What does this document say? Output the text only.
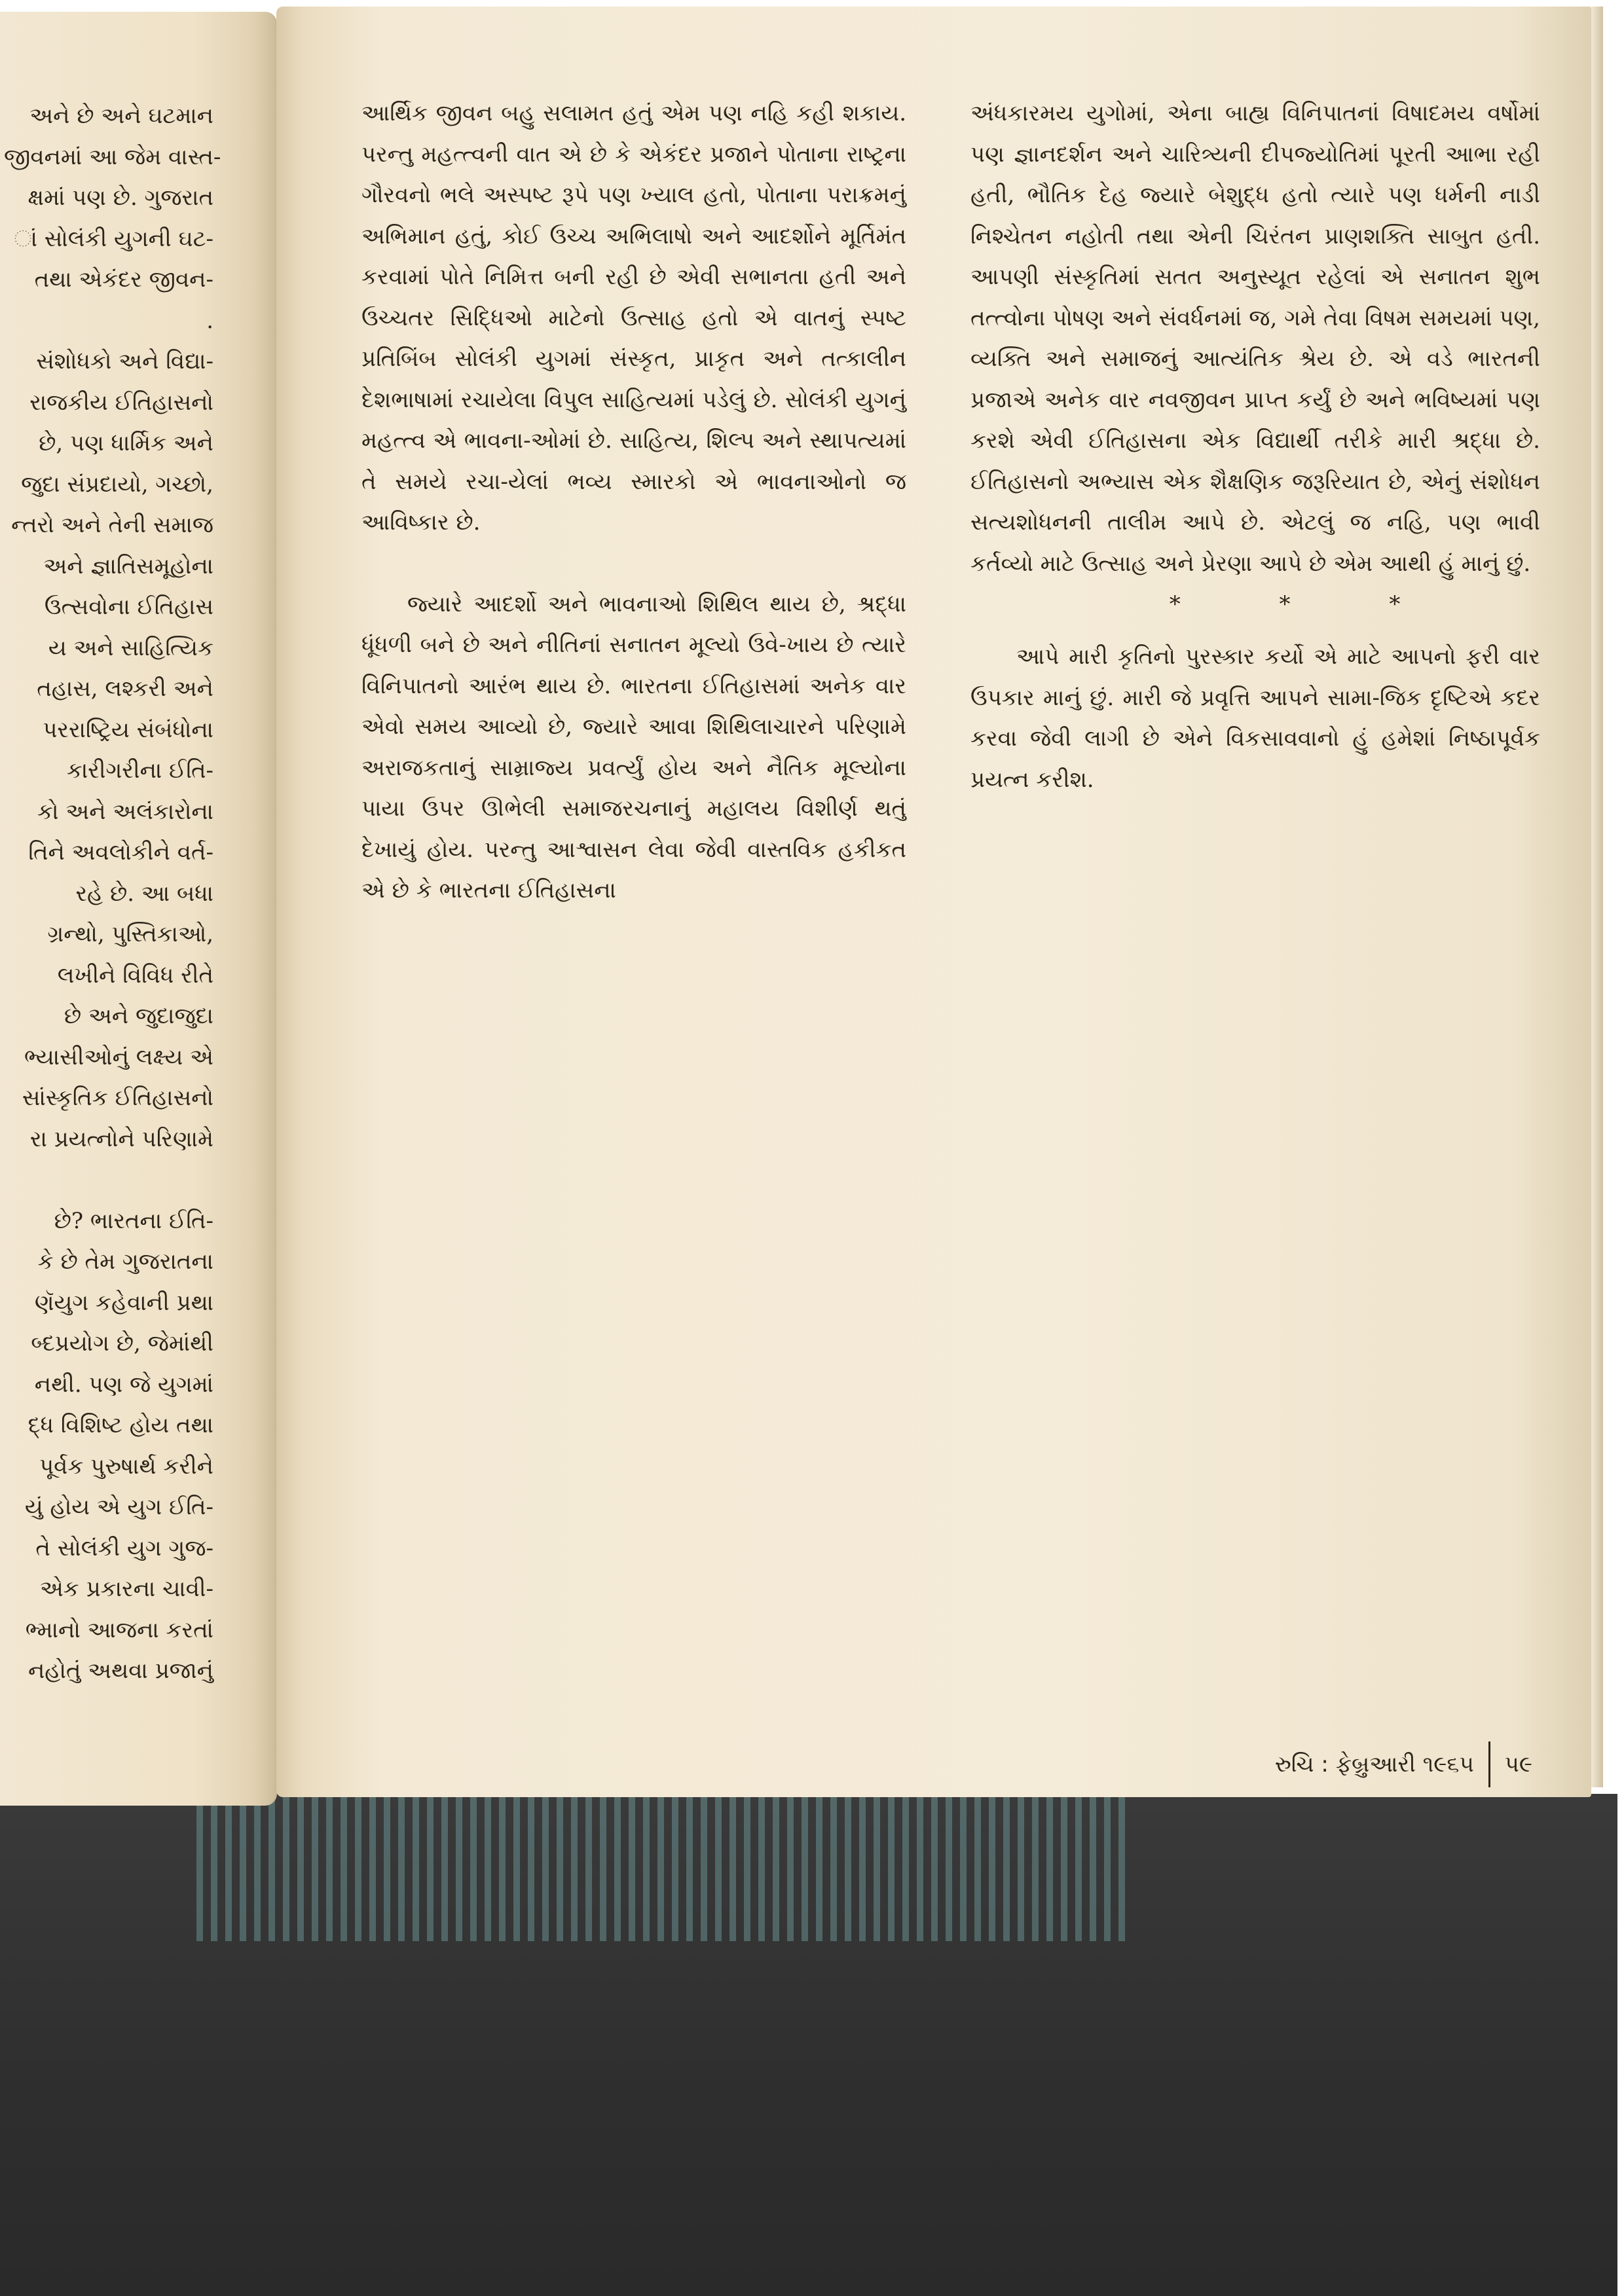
અને છે અને ઘટમાન
જીવનમાં આ જેમ વાસ્ત-
ક્ષમાં પણ છે. ગુજરાત
ાં સોલંકી યુગની ઘટ-
તથા એકંદર જીવન-
.
સંશોધકો અને વિદ્યા-
રાજકીય ઈતિહાસનો
છે, પણ ધાર્મિક અને
જુદા સંપ્રદાયો, ગચ્છો,
ન્તરો અને તેની સમાજ
અને જ્ઞાતિસમૂહોના
ઉત્સવોના ઈતિહાસ
ય અને સાહિત્યિક
તહાસ, લશ્કરી અને
પરરાષ્ટ્રિય સંબંધોના
કારીગરીના ઈતિ-
કો અને અલંકારોના
તિને અવલોકીને વર્ત-
રહે છે. આ બધા
ગ્રન્થો, પુસ્તિકાઓ,
લખીને વિવિધ રીતે
છે અને જુદાજુદા
ભ્યાસીઓનું લક્ષ્ય એ
સાંસ્કૃતિક ઈતિહાસનો
રા પ્રયત્નોને પરિણામે

છે? ભારતના ઈતિ-
કે છે તેમ ગુજરાતના
ણૅયુગ કહેવાની પ્રથા
બ્દપ્રયોગ છે, જેમાંથી
નથી. પણ જે યુગમાં
દ્ધ વિશિષ્ટ હોય તથા
પૂર્વક પુરુષાર્થ કરીને
યું હોય એ યુગ ઈતિ-
તે સોલંકી યુગ ગુજ-
એક પ્રકારના ચાવી-
ભ્માનો આજના કરતાં
નહોતું અથવા પ્રજાનું

આર્થિક જીવન બહુ સલામત હતું એમ પણ નહિ કહી શકાય. પરન્તુ મહત્ત્વની વાત એ છે કે એકંદર પ્રજાને પોતાના રાષ્ટ્રના ગૌરવનો ભલે અસ્પષ્ટ રૂપે પણ ખ્યાલ હતો, પોતાના પરાક્રમનું અભિમાન હતું, કોઈ ઉચ્ચ અભિલાષો અને આદર્શોને મૂર્તિમંત કરવામાં પોતે નિમિત્ત બની રહી છે એવી સભાનતા હતી અને ઉચ્ચતર સિદ્ધિઓ માટેનો ઉત્સાહ હતો એ વાતનું સ્પષ્ટ પ્રતિબિંબ સોલંકી યુગમાં સંસ્કૃત, પ્રાકૃત અને તત્કાલીન દેશભાષામાં રચાયેલા વિપુલ સાહિત્યમાં પડેલું છે. સોલંકી યુગનું મહત્ત્વ એ ભાવના-ઓમાં છે. સાહિત્ય, શિલ્પ અને સ્થાપત્યમાં તે સમયે રચા-યેલાં ભવ્ય સ્મારકો એ ભાવનાઓનો જ આવિષ્કાર છે.

જ્યારે આદર્શો અને ભાવનાઓ શિથિલ થાય છે, શ્રદ્ધા ધૂંધળી બને છે અને નીતિનાં સનાતન મૂલ્યો ઉવે-ખાય છે ત્યારે વિનિપાતનો આરંભ થાય છે. ભારતના ઈતિહાસમાં અનેક વાર એવો સમય આવ્યો છે, જ્યારે આવા શિથિલાચારને પરિણામે અરાજકતાનું સામ્રાજ્ય પ્રવર્ત્યું હોય અને નૈતિક મૂલ્યોના પાયા ઉપર ઊભેલી સમાજરચનાનું મહાલય વિશીર્ણ થતું દેખાયું હોય. પરન્તુ આશ્વાસન લેવા જેવી વાસ્તવિક હકીકત એ છે કે ભારતના ઈતિહાસના

અંધકારમય યુગોમાં, એના બાહ્ય વિનિપાતનાં વિષાદમય વર્ષોમાં પણ જ્ઞાનદર્શન અને ચારિત્ર્યની દીપજ્યોતિમાં પૂરતી આભા રહી હતી, ભૌતિક દેહ જ્યારે બેશુદ્ધ હતો ત્યારે પણ ધર્મની નાડી નિશ્ચેતન નહોતી તથા એની ચિરંતન પ્રાણશક્તિ સાબુત હતી. આપણી સંસ્કૃતિમાં સતત અનુસ્યૂત રહેલાં એ સનાતન શુભ તત્ત્વોના પોષણ અને સંવર્ધનમાં જ, ગમે તેવા વિષમ સમયમાં પણ, વ્યક્તિ અને સમાજનું આત્યંતિક શ્રેય છે. એ વડે ભારતની પ્રજાએ અનેક વાર નવજીવન પ્રાપ્ત કર્યું છે અને ભવિષ્યમાં પણ કરશે એવી ઈતિહાસના એક વિદ્યાર્થી તરીકે મારી શ્રદ્ધા છે. ઈતિહાસનો અભ્યાસ એક શૈક્ષણિક જરૂરિયાત છે, એનું સંશોધન સત્યશોધનની તાલીમ આપે છે. એટલું જ નહિ, પણ ભાવી કર્તવ્યો માટે ઉત્સાહ અને પ્રેરણા આપે છે એમ આથી હું માનું છું.

*	*	*

આપે મારી કૃતિનો પુરસ્કાર કર્યો એ માટે આપનો ફરી વાર ઉપકાર માનું છું. મારી જે પ્રવૃત્તિ આપને સામા-જિક દૃષ્ટિએ કદર કરવા જેવી લાગી છે એને વિકસાવવાનો હું હમેશાં નિષ્ઠાપૂર્વક પ્રયત્ન કરીશ.

રુચિ : ફેબ્રુઆરી ૧૯૬૫ પ૯
